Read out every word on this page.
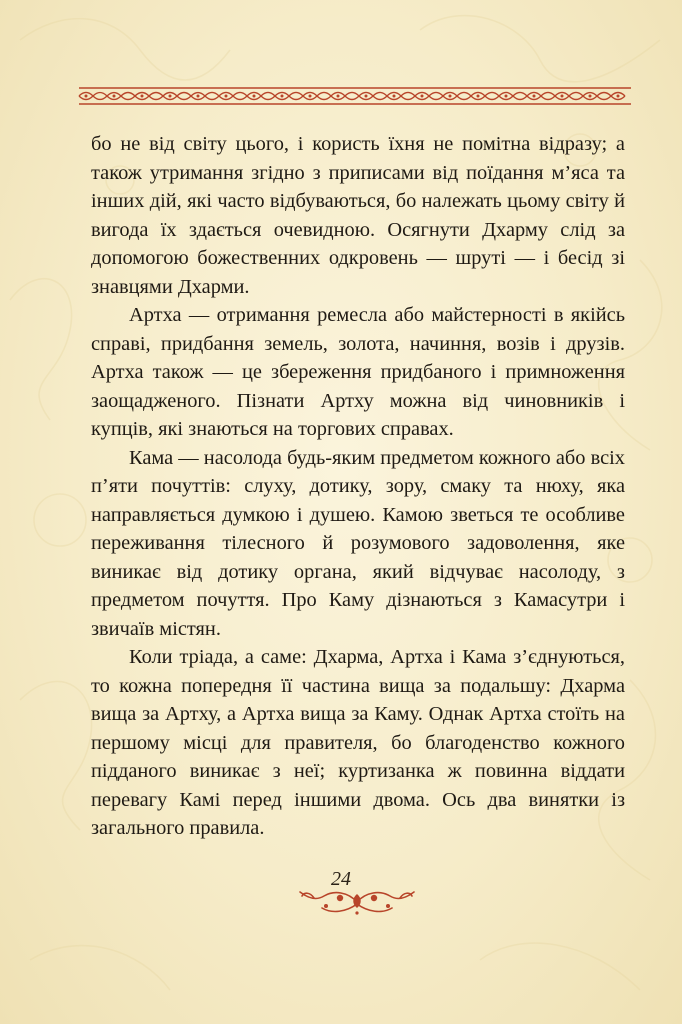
бо не від світу цього, і користь їхня не помітна відразу; а також утримання згідно з приписами від поїдання м’яса та інших дій, які часто відбуваються, бо належать цьому світу й вигода їх здається очевидною. Осягнути Дхарму слід за допомогою божественних одкровень — шруті — і бесід зі знавцями Дхарми.

Артха — отримання ремесла або майстерності в якійсь справі, придбання земель, золота, начиння, возів і друзів. Артха також — це збереження придбаного і примноження заощадженого. Пізнати Артху можна від чиновників і купців, які знаються на торгових справах.

Кама — насолода будь-яким предметом кожного або всіх п’яти почуттів: слуху, дотику, зору, смаку та нюху, яка направляється думкою і душею. Камою зветься те особливе переживання тілесного й розумового задоволення, яке виникає від дотику органа, який відчуває насолоду, з предметом почуття. Про Каму дізнаються з Камасутри і звичаїв містян.

Коли тріада, а саме: Дхарма, Артха і Кама з’єднуються, то кожна попередня її частина вища за подальшу: Дхарма вища за Артху, а Артха вища за Каму. Однак Артха стоїть на першому місці для правителя, бо благоденство кожного підданого виникає з неї; куртизанка ж повинна віддати перевагу Камі перед іншими двома. Ось два винятки із загального правила.

24
